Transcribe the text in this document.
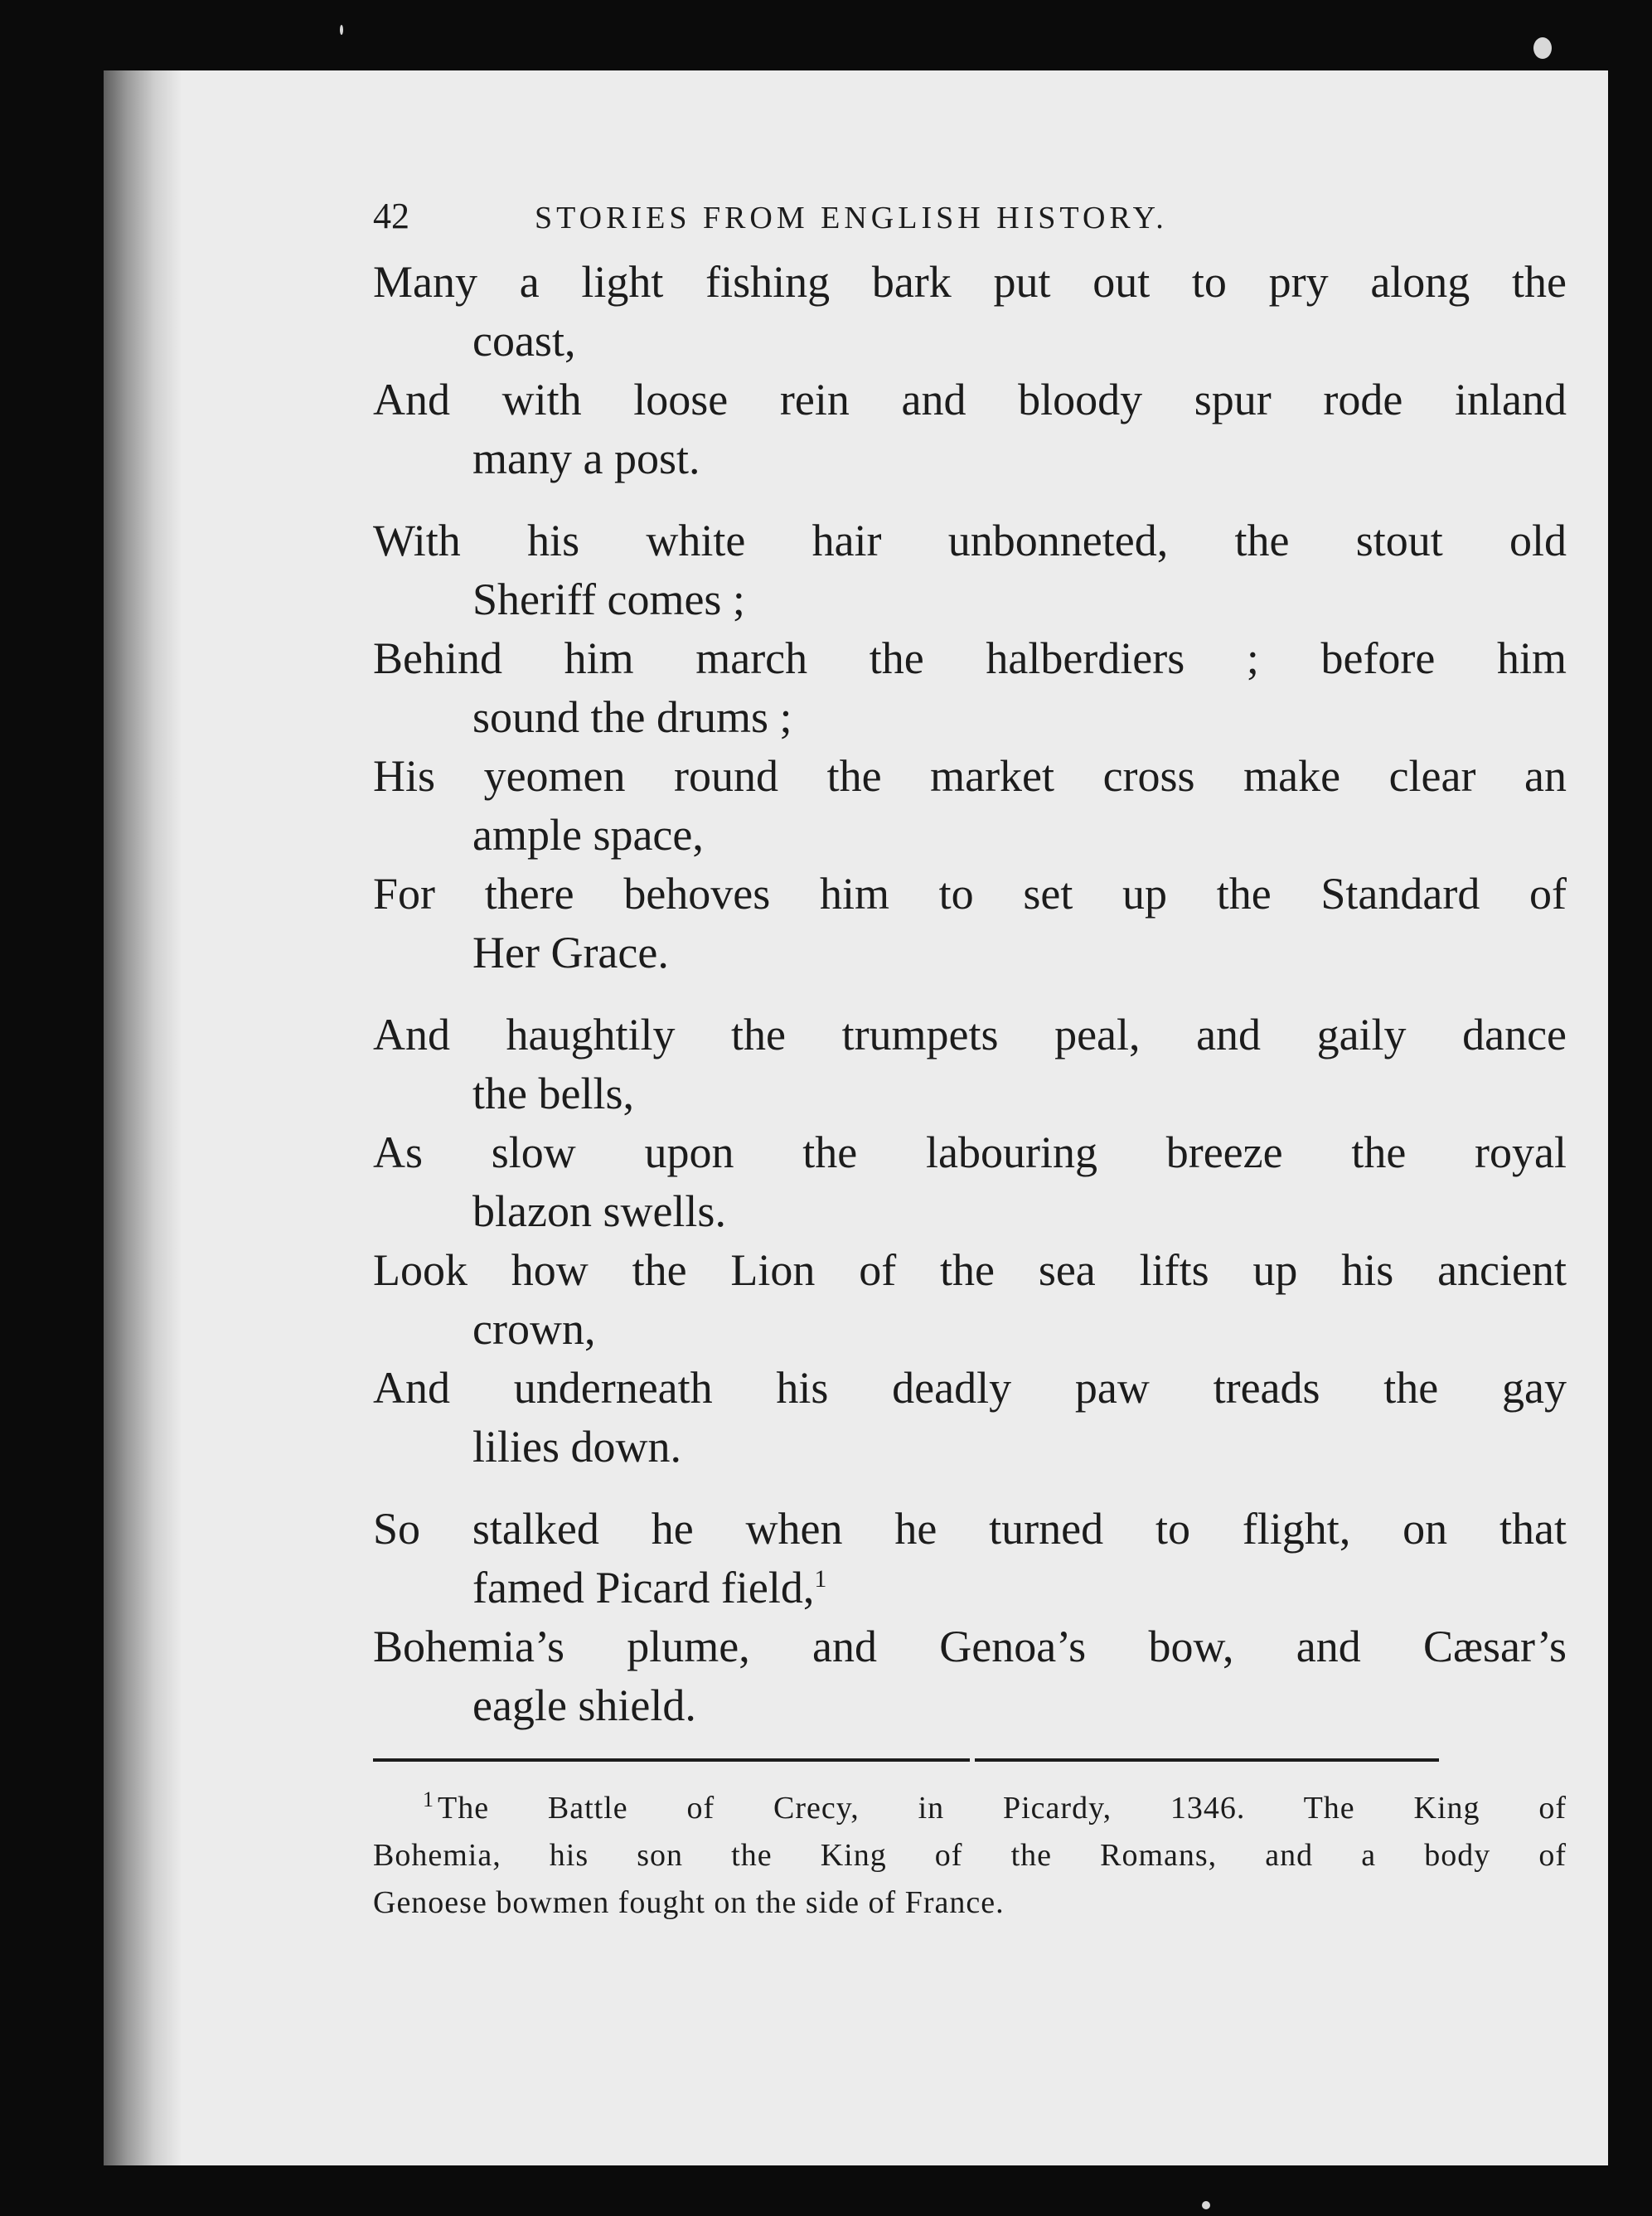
42	STORIES FROM ENGLISH HISTORY.
Many a light fishing bark put out to pry along the
coast,
And with loose rein and bloody spur rode inland
many a post.
With his white hair unbonneted, the stout old
Sheriff comes ;
Behind him march the halberdiers ; before him
sound the drums ;
His yeomen round the market cross make clear an
ample space,
For there behoves him to set up the Standard of
Her Grace.
And haughtily the trumpets peal, and gaily dance
the bells,
As slow upon the labouring breeze the royal
blazon swells.
Look how the Lion of the sea lifts up his ancient
crown,
And underneath his deadly paw treads the gay
lilies down.
So stalked he when he turned to flight, on that
famed Picard field,$^1$
Bohemia’s plume, and Genoa’s bow, and Cæsar’s
eagle shield.
$^1$ The Battle of Crecy, in Picardy, 1346. The King of
Bohemia, his son the King of the Romans, and a body of
Genoese bowmen fought on the side of France.
